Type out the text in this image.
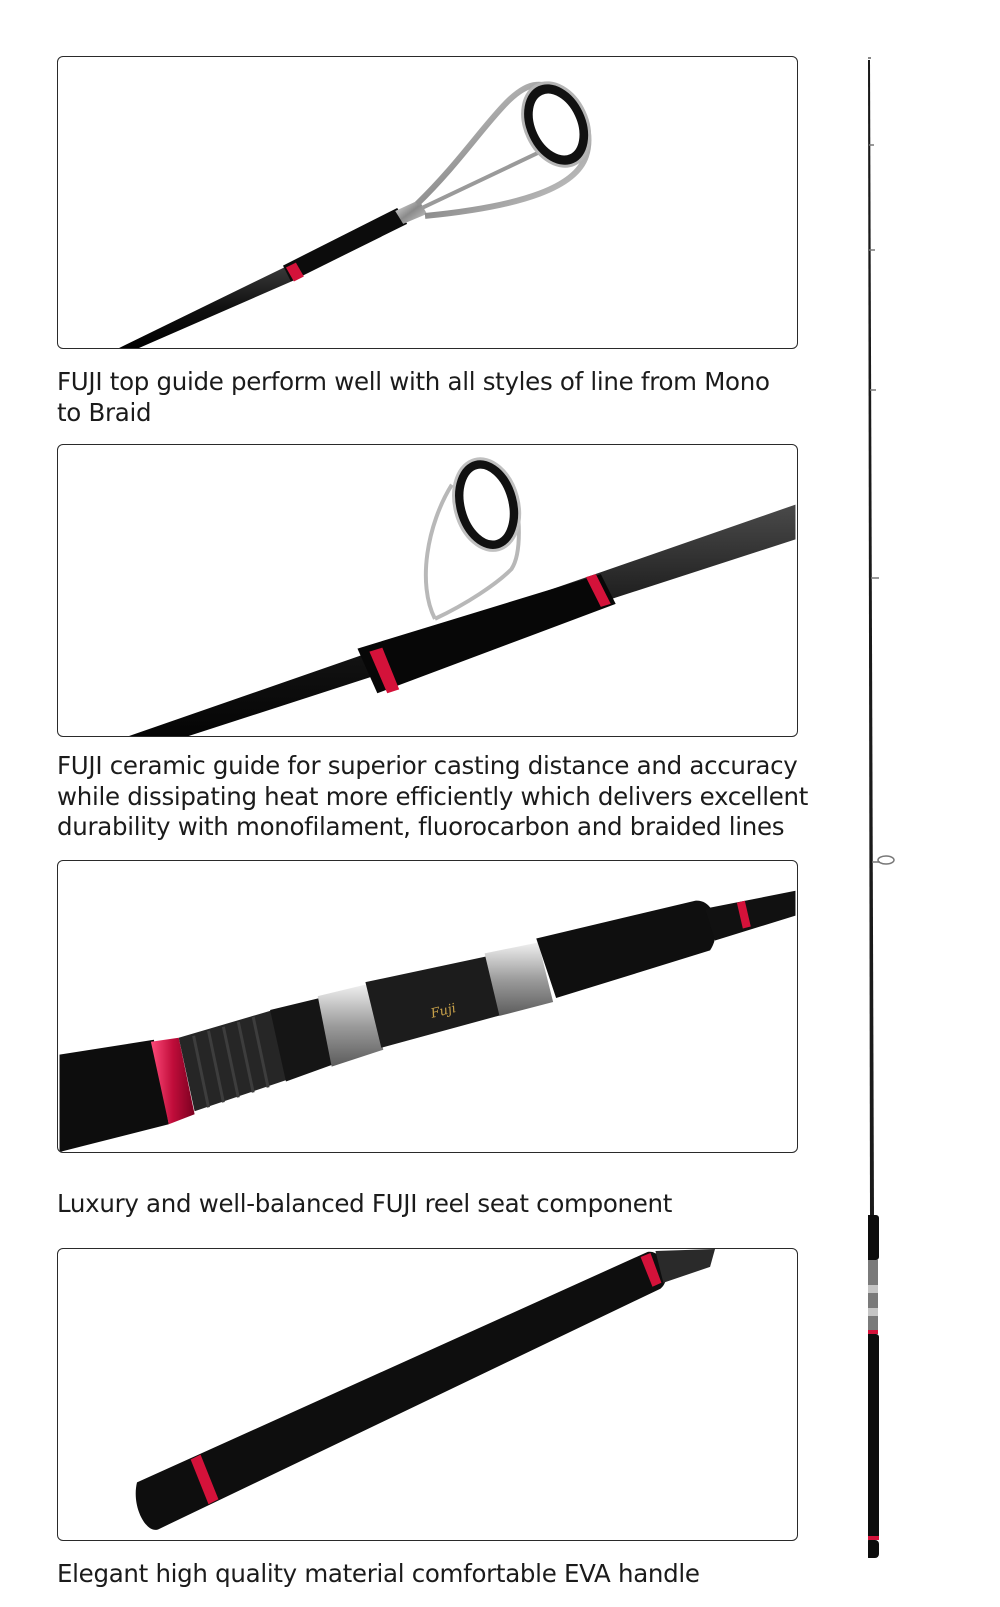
FUJI top guide perform well with all styles of line from Mono
to Braid

FUJI ceramic guide for superior casting distance and accuracy
while dissipating heat more efficiently which delivers excellent
durability with monofilament, fluorocarbon and braided lines

Fuji

Luxury and well-balanced FUJI reel seat component

Elegant high quality material comfortable EVA handle
